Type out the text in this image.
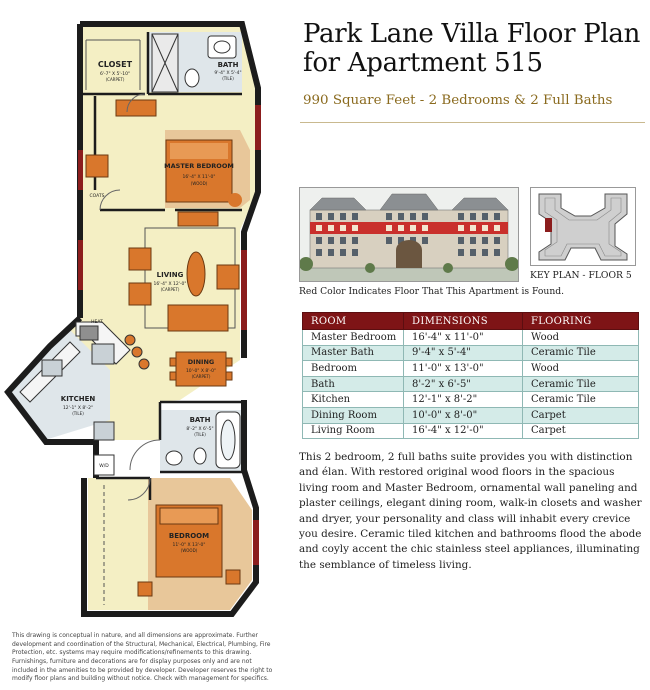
CLOSET
6'-7" X 5'-10"
(CARPET)
BATH
9'-4" X 5'-4"
(TILE)
MASTER BEDROOM
16'-4" X 11'-0"
(WOOD)
COATS
LIVING
16'-4" X 12'-0"
(CARPET)
HEAT
KITCHEN
12'-1" X 8'-2"
(TILE)
DINING
10'-0" X 8'-0"
(CARPET)
BATH
8'-2" X 6'-5"
(TILE)
W/D
BEDROOM
11'-0" X 13'-0"
(WOOD)

This drawing is conceptual in nature, and all dimensions are approximate. Further development and coordination of the Structural, Mechanical, Electrical, Plumbing, Fire Protection, etc. systems may require modifications/refinements to this drawing. Furnishings, furniture and decorations are for display purposes only and are not included in the amenities to be provided by developer. Developer reserves the right to modify floor plans and building without notice. Check with management for specifics.

Park Lane Villa Floor Plan for Apartment 515

990 Square Feet - 2 Bedrooms & 2 Full Baths

Red Color Indicates Floor That This Apartment is Found.

KEY PLAN - FLOOR 5

ROOM	DIMENSIONS	FLOORING
Master Bedroom	16'-4" x 11'-0"	Wood
Master Bath	9'-4" x 5'-4"	Ceramic Tile
Bedroom	11'-0" x 13'-0"	Wood
Bath	8'-2" x 6'-5"	Ceramic Tile
Kitchen	12'-1" x 8'-2"	Ceramic Tile
Dining Room	10'-0" x 8'-0"	Carpet
Living Room	16'-4" x 12'-0"	Carpet

This 2 bedroom, 2 full baths suite provides you with distinction and élan. With restored original wood floors in the spacious living room and Master Bedroom, ornamental wall paneling and plaster ceilings, elegant dining room, walk-in closets and washer and dryer, your personality and class will inhabit every crevice you desire. Ceramic tiled kitchen and bathrooms flood the abode and coyly accent the chic stainless steel appliances, illuminating the semblance of timeless living.
